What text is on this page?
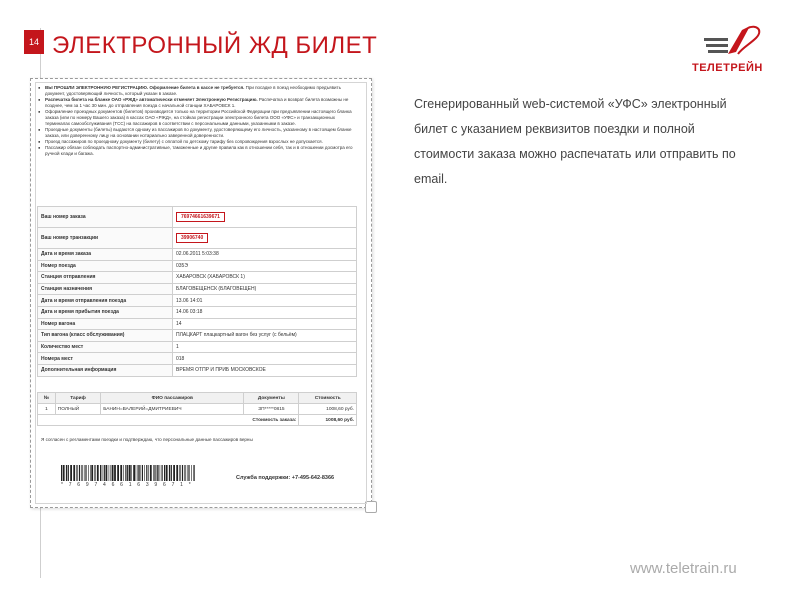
14 ЭЛЕКТРОННЫЙ ЖД БИЛЕТ
ТЕЛЕТРЕЙН
Сгенерированный web-системой «УФС» электронный билет с указанием реквизитов поездки и полной стоимости заказа можно распечатать или отправить по email.
● ВЫ ПРОШЛИ ЭЛЕКТРОННУЮ РЕГИСТРАЦИЮ. Оформление билета в кассе не требуется. При посадке в поезд необходимо предъявить документ, удостоверяющий личность, который указан в заказе.
● Распечатка билета на бланке ОАО «РЖД» автоматически отменяет Электронную Регистрацию. Распечатка и возврат билета возможны не позднее, чем за 1 час 30 мин. до отправления поезда с начальной станции ХАБАРОВСК 1.
● Оформление проездных документов (билетов) производится только на территории Российской Федерации при предъявлении настоящего бланка заказа (или по номеру Вашего заказа) в кассах ОАО «РЖД», на стойках регистрации электронного билета ООО «УФС» и транзакционных терминалах самообслуживания (ТСС) на пассажиров в соответствии с персональными данными, указанными в заказе.
● Проездные документы (билеты) выдаются одному из пассажиров по документу, удостоверяющему его личность, указанному в настоящем бланке заказа, или доверенному лицу на основании нотариально заверенной доверенности.
● Проезд пассажиров по проездному документу (билету) с оплатой по детскому тарифу без сопровождения взрослых не допускается.
● Пассажир обязан соблюдать паспортно-административные, таможенные и другие правила как в отношении себя, так и в отношении досмотра его ручной клади и багажа.
Ваш номер заказа	76974661639671
Ваш номер транзакции	39906740
Дата и время заказа	02.06.2011 5:03:38
Номер поезда	035Э
Станция отправления	ХАБАРОВСК (ХАБАРОВСК 1)
Станция назначения	БЛАГОВЕЩЕНСК (БЛАГОВЕЩЕН)
Дата и время отправления поезда	13.06 14:01
Дата и время прибытия поезда	14.06 03:18
Номер вагона	14
Тип вагона (класс обслуживания)	ПЛАЦКАРТ плацкартный вагон без услуг (с бельём)
Количество мест	1
Номера мест	018
Дополнительная информация	ВРЕМЯ ОТПР И ПРИБ МОСКОВСКОЕ
№	Тариф	ФИО пассажиров	Документы	Стоимость
1	ПОЛНЫЙ	БАНИН=ВАЛЕРИЙ=ДМИТРИЕВИЧ	ЗП*****0815	1008,60 руб.
Стоимость заказа:				1008,60 руб.
Я согласен с регламентами поездки и подтверждаю, что персональные данные пассажиров верны
* 7 6 9 7 4 6 6 1 6 3 9 6 7 1 *
Служба поддержки: +7-495-642-8366
www.teletrain.ru
